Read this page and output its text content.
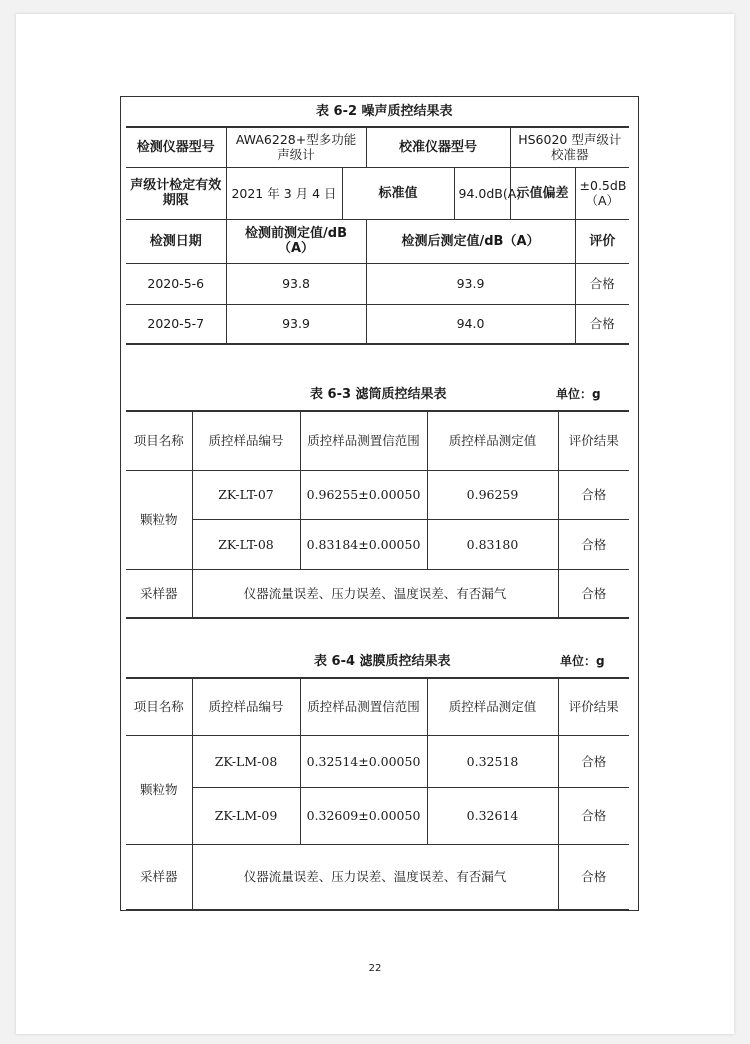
表 6-2 噪声质控结果表
检测仪器型号	AWA6228+型多功能声级计		校准仪器型号		HS6020 型声级计校准器	
声级计检定有效期限	2021 年 3 月 4 日	标准值		94.0dB(A)	示值偏差	±0.5dB（A）
检测日期	检测前测定值/dB（A）		检测后测定值/dB（A）			评价
2020-5-6	93.8		93.9			合格
2020-5-7	93.9		94.0			合格
表 6-3 滤筒质控结果表	单位：g
项目名称	质控样品编号	质控样品测置信范围	质控样品测定值	评价结果
颗粒物	ZK-LT-07	0.96255±0.00050	0.96259	合格
	ZK-LT-08	0.83184±0.00050	0.83180	合格
采样器	仪器流量误差、压力误差、温度误差、有否漏气			合格
表 6-4 滤膜质控结果表	单位：g
项目名称	质控样品编号	质控样品测置信范围	质控样品测定值	评价结果
颗粒物	ZK-LM-08	0.32514±0.00050	0.32518	合格
	ZK-LM-09	0.32609±0.00050	0.32614	合格
采样器	仪器流量误差、压力误差、温度误差、有否漏气			合格
22
